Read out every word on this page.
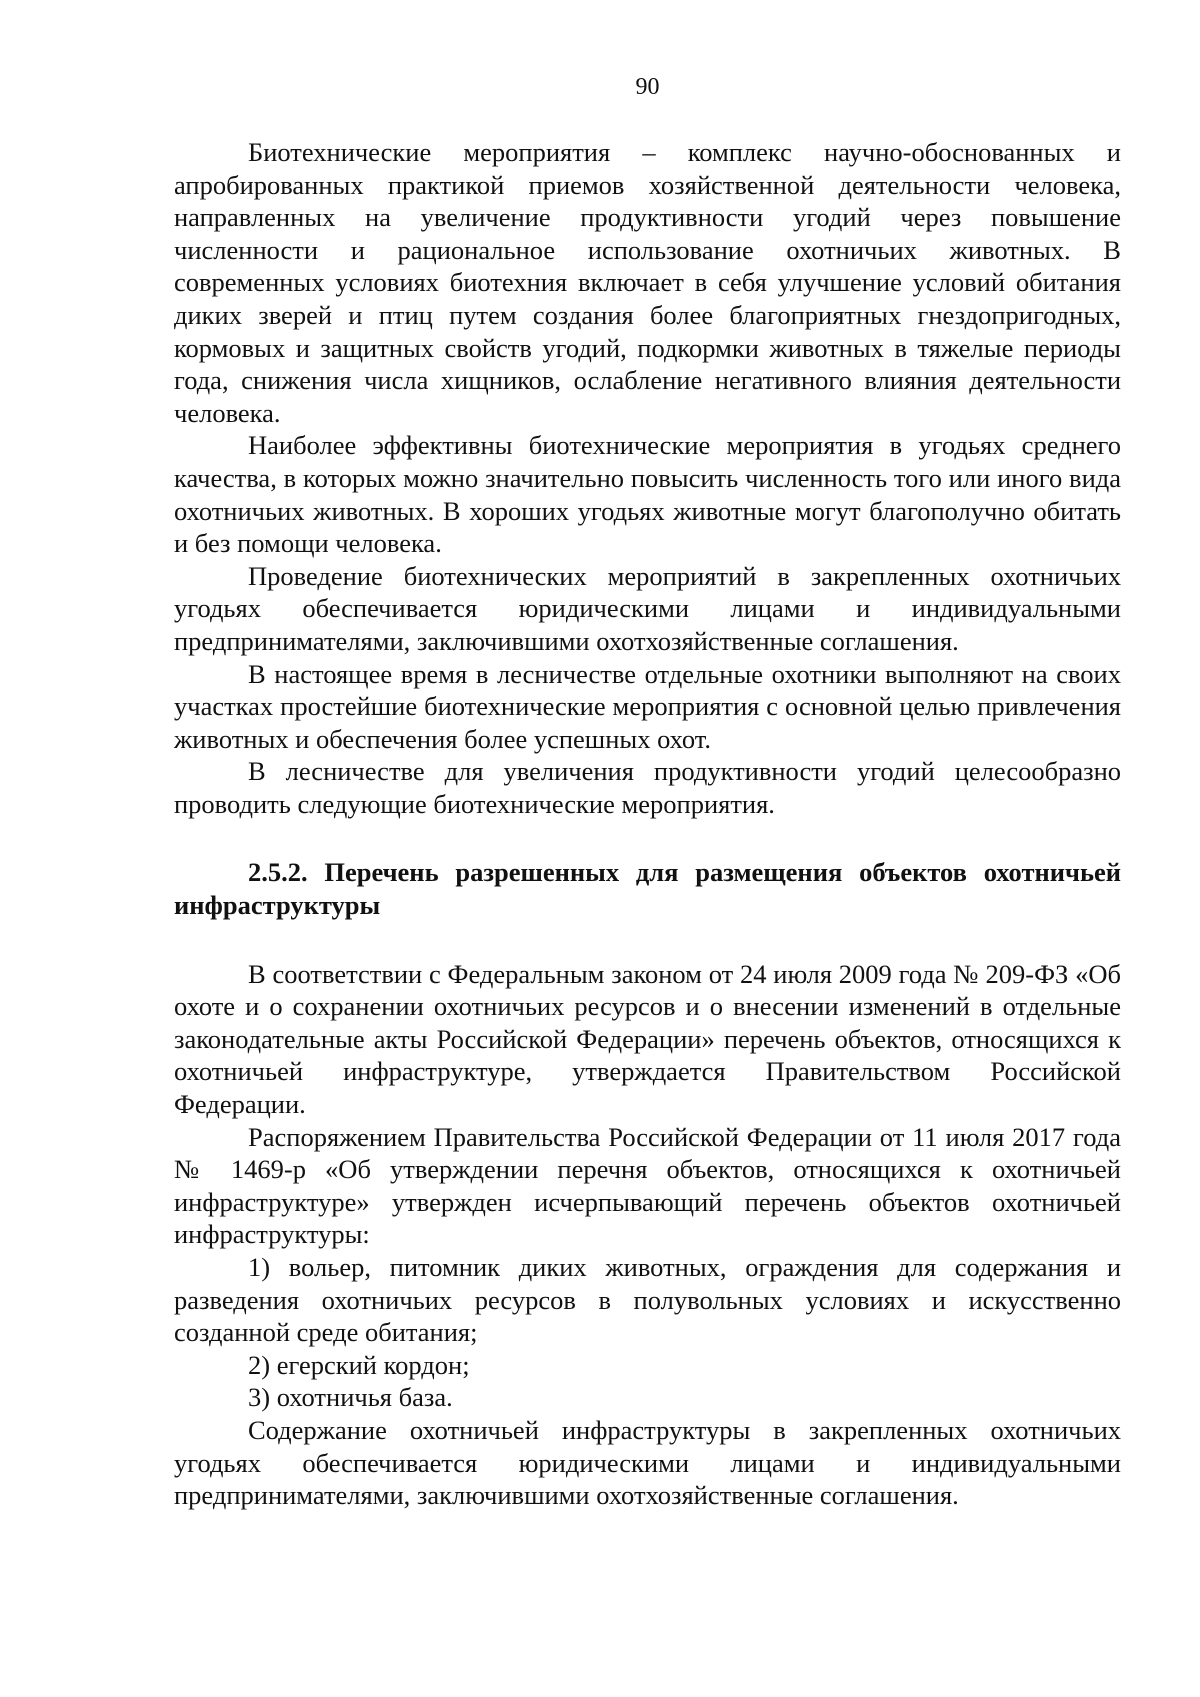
90

Биотехнические мероприятия – комплекс научно-обоснованных и апробированных практикой приемов хозяйственной деятельности человека, направленных на увеличение продуктивности угодий через повышение численности и рациональное использование охотничьих животных. В современных условиях биотехния включает в себя улучшение условий обитания диких зверей и птиц путем создания более благоприятных гнездопригодных, кормовых и защитных свойств угодий, подкормки животных в тяжелые периоды года, снижения числа хищников, ослабление негативного влияния деятельности человека.

Наиболее эффективны биотехнические мероприятия в угодьях среднего качества, в которых можно значительно повысить численность того или иного вида охотничьих животных. В хороших угодьях животные могут благополучно обитать и без помощи человека.

Проведение биотехнических мероприятий в закрепленных охотничьих угодьях обеспечивается юридическими лицами и индивидуальными предпринимателями, заключившими охотхозяйственные соглашения.

В настоящее время в лесничестве отдельные охотники выполняют на своих участках простейшие биотехнические мероприятия с основной целью привлечения животных и обеспечения более успешных охот.

В лесничестве для увеличения продуктивности угодий целесообразно проводить следующие биотехнические мероприятия.

2.5.2. Перечень разрешенных для размещения объектов охотничьей инфраструктуры

В соответствии с Федеральным законом от 24 июля 2009 года № 209-ФЗ «Об охоте и о сохранении охотничьих ресурсов и о внесении изменений в отдельные законодательные акты Российской Федерации» перечень объектов, относящихся к охотничьей инфраструктуре, утверждается Правительством Российской Федерации.

Распоряжением Правительства Российской Федерации от 11 июля 2017 года № 1469-р «Об утверждении перечня объектов, относящихся к охотничьей инфраструктуре» утвержден исчерпывающий перечень объектов охотничьей инфраструктуры:

1) вольер, питомник диких животных, ограждения для содержания и разведения охотничьих ресурсов в полувольных условиях и искусственно созданной среде обитания;

2) егерский кордон;

3) охотничья база.

Содержание охотничьей инфраструктуры в закрепленных охотничьих угодьях обеспечивается юридическими лицами и индивидуальными предпринимателями, заключившими охотхозяйственные соглашения.
